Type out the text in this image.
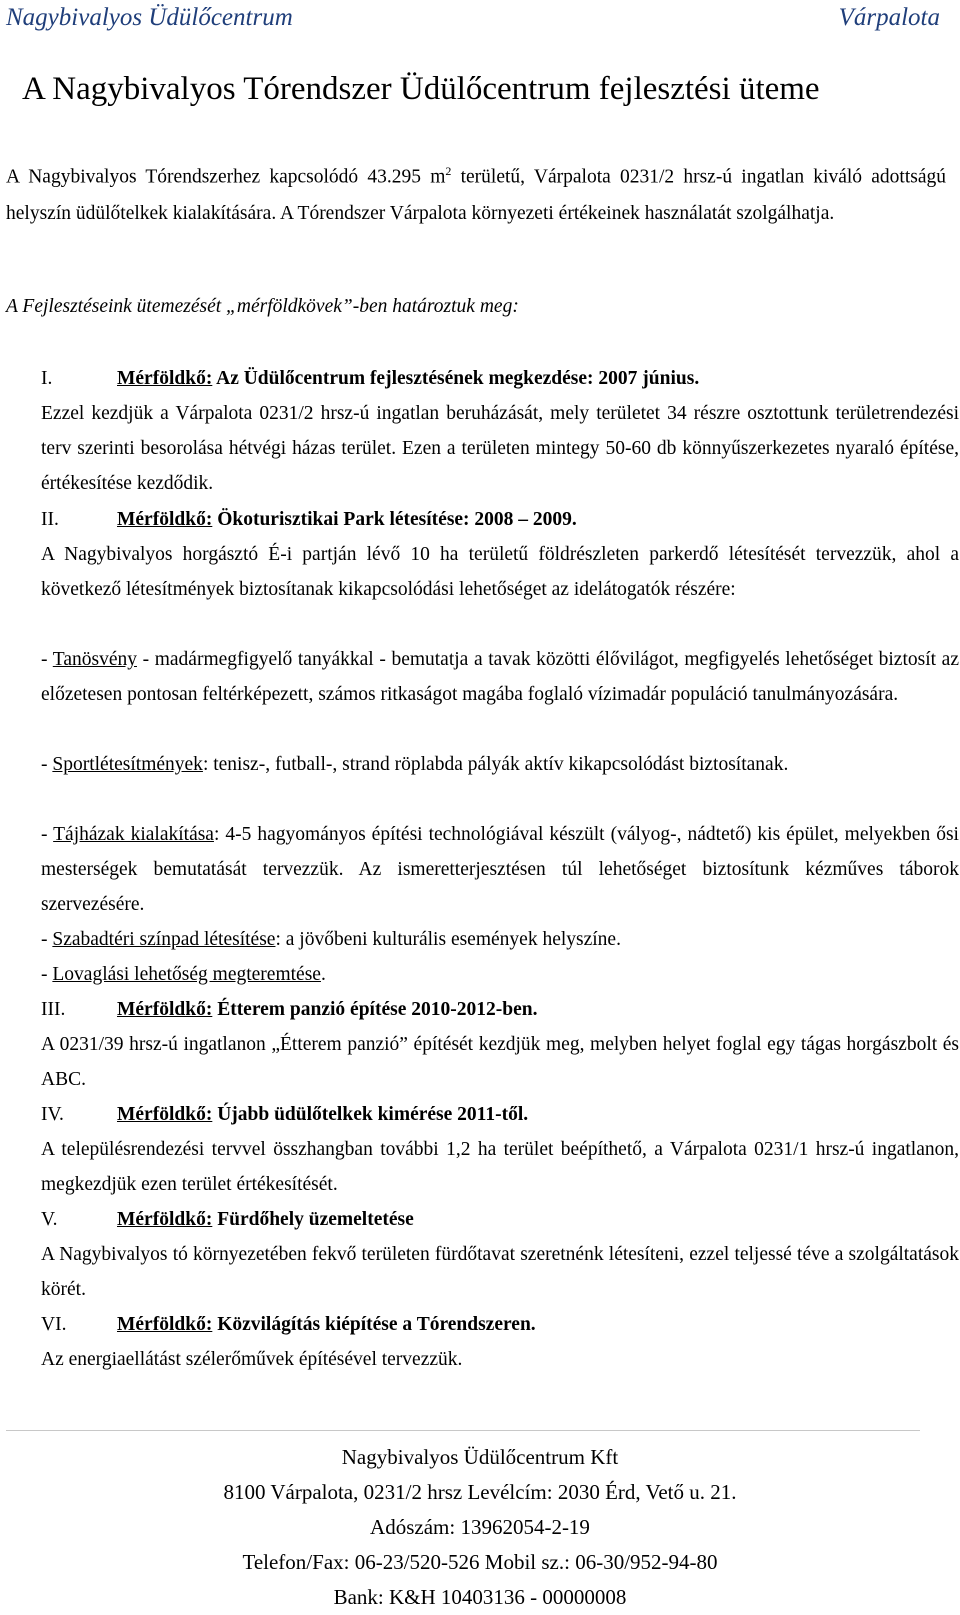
Nagybivalyos Üdülőcentrum	Várpalota
A Nagybivalyos Tórendszer Üdülőcentrum fejlesztési üteme
A Nagybivalyos Tórendszerhez kapcsolódó 43.295 $m^2$ területű, Várpalota 0231/2 hrsz-ú ingatlan kiváló adottságú helyszín üdülőtelkek kialakítására. A Tórendszer Várpalota környezeti értékeinek használatát szolgálhatja.
A Fejlesztéseink ütemezését „mérföldkövek”-ben határoztuk meg:
I.	Mérföldkő: Az Üdülőcentrum fejlesztésének megkezdése: 2007 június.
Ezzel kezdjük a Várpalota 0231/2 hrsz-ú ingatlan beruházását, mely területet 34 részre osztottunk területrendezési terv szerinti besorolása hétvégi házas terület. Ezen a területen mintegy 50-60 db könnyűszerkezetes nyaraló építése, értékesítése kezdődik.
II.	Mérföldkő: Ökoturisztikai Park létesítése: 2008 – 2009.
A Nagybivalyos horgásztó É-i partján lévő 10 ha területű földrészleten parkerdő létesítését tervezzük, ahol a következő létesítmények biztosítanak kikapcsolódási lehetőséget az idelátogatók részére:
- Tanösvény - madármegfigyelő tanyákkal - bemutatja a tavak közötti élővilágot, megfigyelés lehetőséget biztosít az előzetesen pontosan feltérképezett, számos ritkaságot magába foglaló vízimadár populáció tanulmányozására.
- Sportlétesítmények: tenisz-, futball-, strand röplabda pályák aktív kikapcsolódást biztosítanak.
- Tájházak kialakítása: 4-5 hagyományos építési technológiával készült (vályog-, nádtető) kis épület, melyekben ősi mesterségek bemutatását tervezzük. Az ismeretterjesztésen túl lehetőséget biztosítunk kézműves táborok szervezésére.
- Szabadtéri színpad létesítése: a jövőbeni kulturális események helyszíne.
- Lovaglási lehetőség megteremtése.
III.	Mérföldkő: Étterem panzió építése 2010-2012-ben.
A 0231/39 hrsz-ú ingatlanon „Étterem panzió” építését kezdjük meg, melyben helyet foglal egy tágas horgászbolt és ABC.
IV.	Mérföldkő: Újabb üdülőtelkek kimérése 2011-től.
A településrendezési tervvel összhangban további 1,2 ha terület beépíthető, a Várpalota 0231/1 hrsz-ú ingatlanon, megkezdjük ezen terület értékesítését.
V.	Mérföldkő: Fürdőhely üzemeltetése
A Nagybivalyos tó környezetében fekvő területen fürdőtavat szeretnénk létesíteni, ezzel teljessé téve a szolgáltatások körét.
VI.	Mérföldkő: Közvilágítás kiépítése a Tórendszeren.
Az energiaellátást szélerőművek építésével tervezzük.
Nagybivalyos Üdülőcentrum Kft
8100 Várpalota, 0231/2 hrsz Levélcím: 2030 Érd, Vető u. 21.
Adószám: 13962054-2-19
Telefon/Fax: 06-23/520-526 Mobil sz.: 06-30/952-94-80
Bank: K&H 10403136 - 00000008
